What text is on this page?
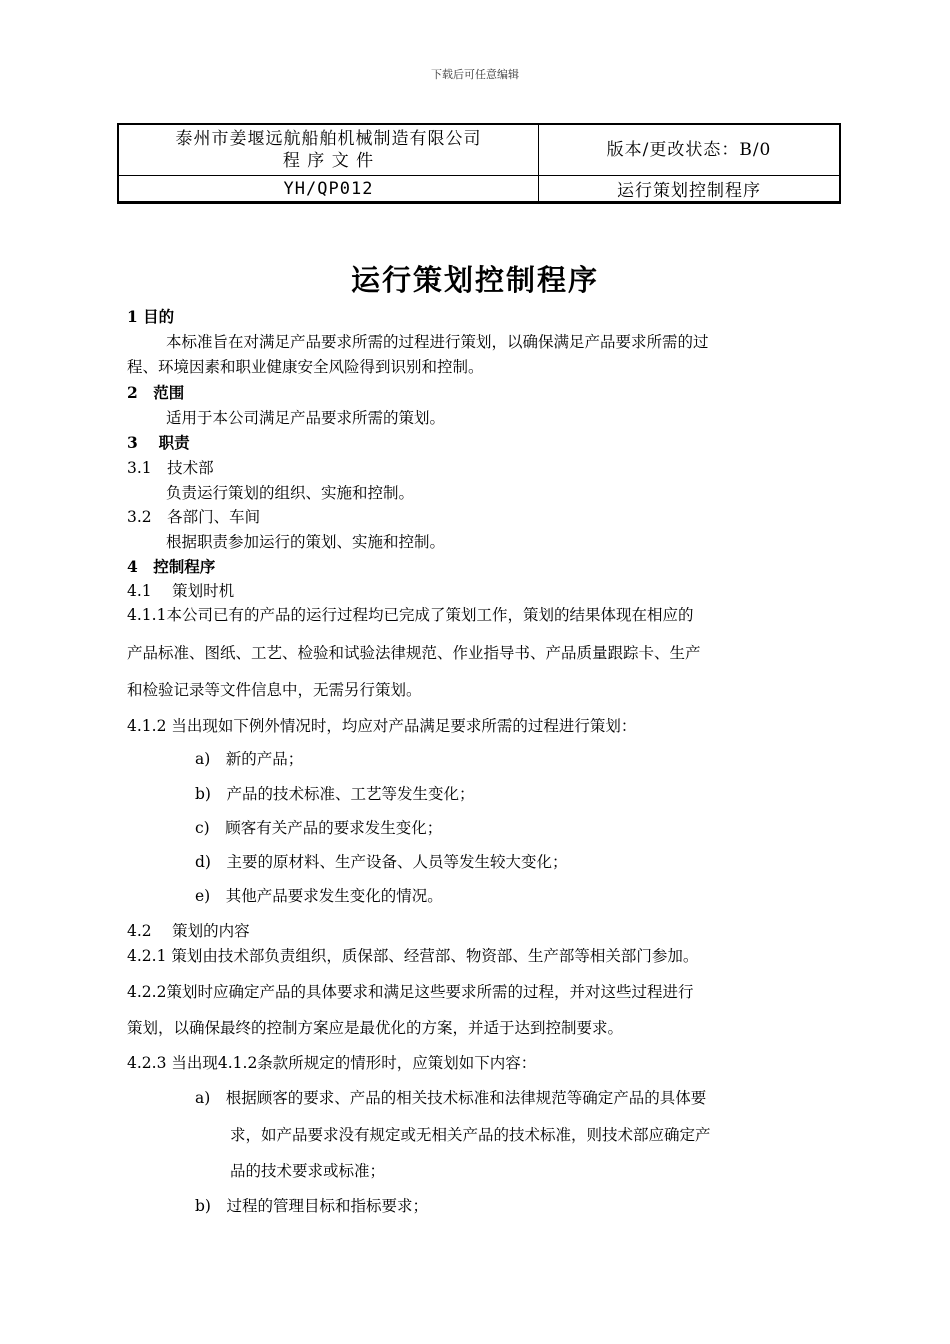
下载后可任意编辑
泰州市姜堰远航船舶机械制造有限公司
程 序 文 件	版本/更改状态：B/0
YH/QP012	运行策划控制程序
运行策划控制程序
1 目的
本标准旨在对满足产品要求所需的过程进行策划，以确保满足产品要求所需的过
程、环境因素和职业健康安全风险得到识别和控制。
2　范围
适用于本公司满足产品要求所需的策划。
3　 职责
3.1　技术部
负责运行策划的组织、实施和控制。
3.2　各部门、车间
根据职责参加运行的策划、实施和控制。
4　控制程序
4.1　 策划时机
4.1.1本公司已有的产品的运行过程均已完成了策划工作，策划的结果体现在相应的
产品标准、图纸、工艺、检验和试验法律规范、作业指导书、产品质量跟踪卡、生产
和检验记录等文件信息中，无需另行策划。
4.1.2 当出现如下例外情况时，均应对产品满足要求所需的过程进行策划：
a)　新的产品；
b)　产品的技术标准、工艺等发生变化；
c)　顾客有关产品的要求发生变化；
d)　主要的原材料、生产设备、人员等发生较大变化；
e)　其他产品要求发生变化的情况。
4.2　 策划的内容
4.2.1 策划由技术部负责组织，质保部、经营部、物资部、生产部等相关部门参加。
4.2.2策划时应确定产品的具体要求和满足这些要求所需的过程，并对这些过程进行
策划，以确保最终的控制方案应是最优化的方案，并适于达到控制要求。
4.2.3 当出现4.1.2条款所规定的情形时，应策划如下内容：
a)　根据顾客的要求、产品的相关技术标准和法律规范等确定产品的具体要
求，如产品要求没有规定或无相关产品的技术标准，则技术部应确定产
品的技术要求或标准；
b)　过程的管理目标和指标要求；
